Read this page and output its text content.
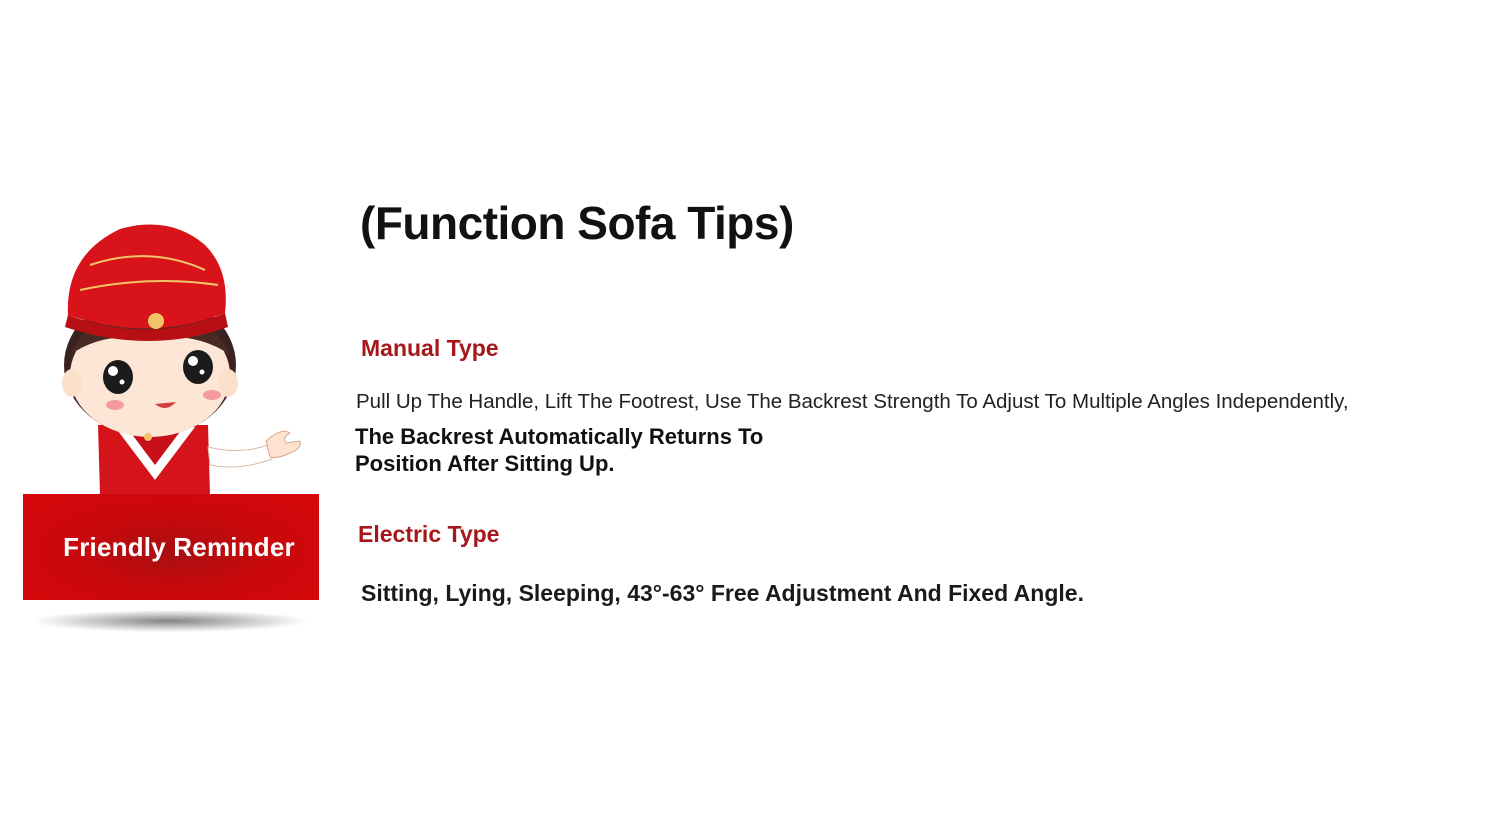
Friendly Reminder
(Function Sofa Tips)
Manual Type
Pull Up The Handle, Lift The Footrest, Use The Backrest Strength To Adjust To Multiple Angles Independently,
The Backrest Automatically Returns To Position After Sitting Up.
Electric Type
Sitting, Lying, Sleeping, 43°-63° Free Adjustment And Fixed Angle.
